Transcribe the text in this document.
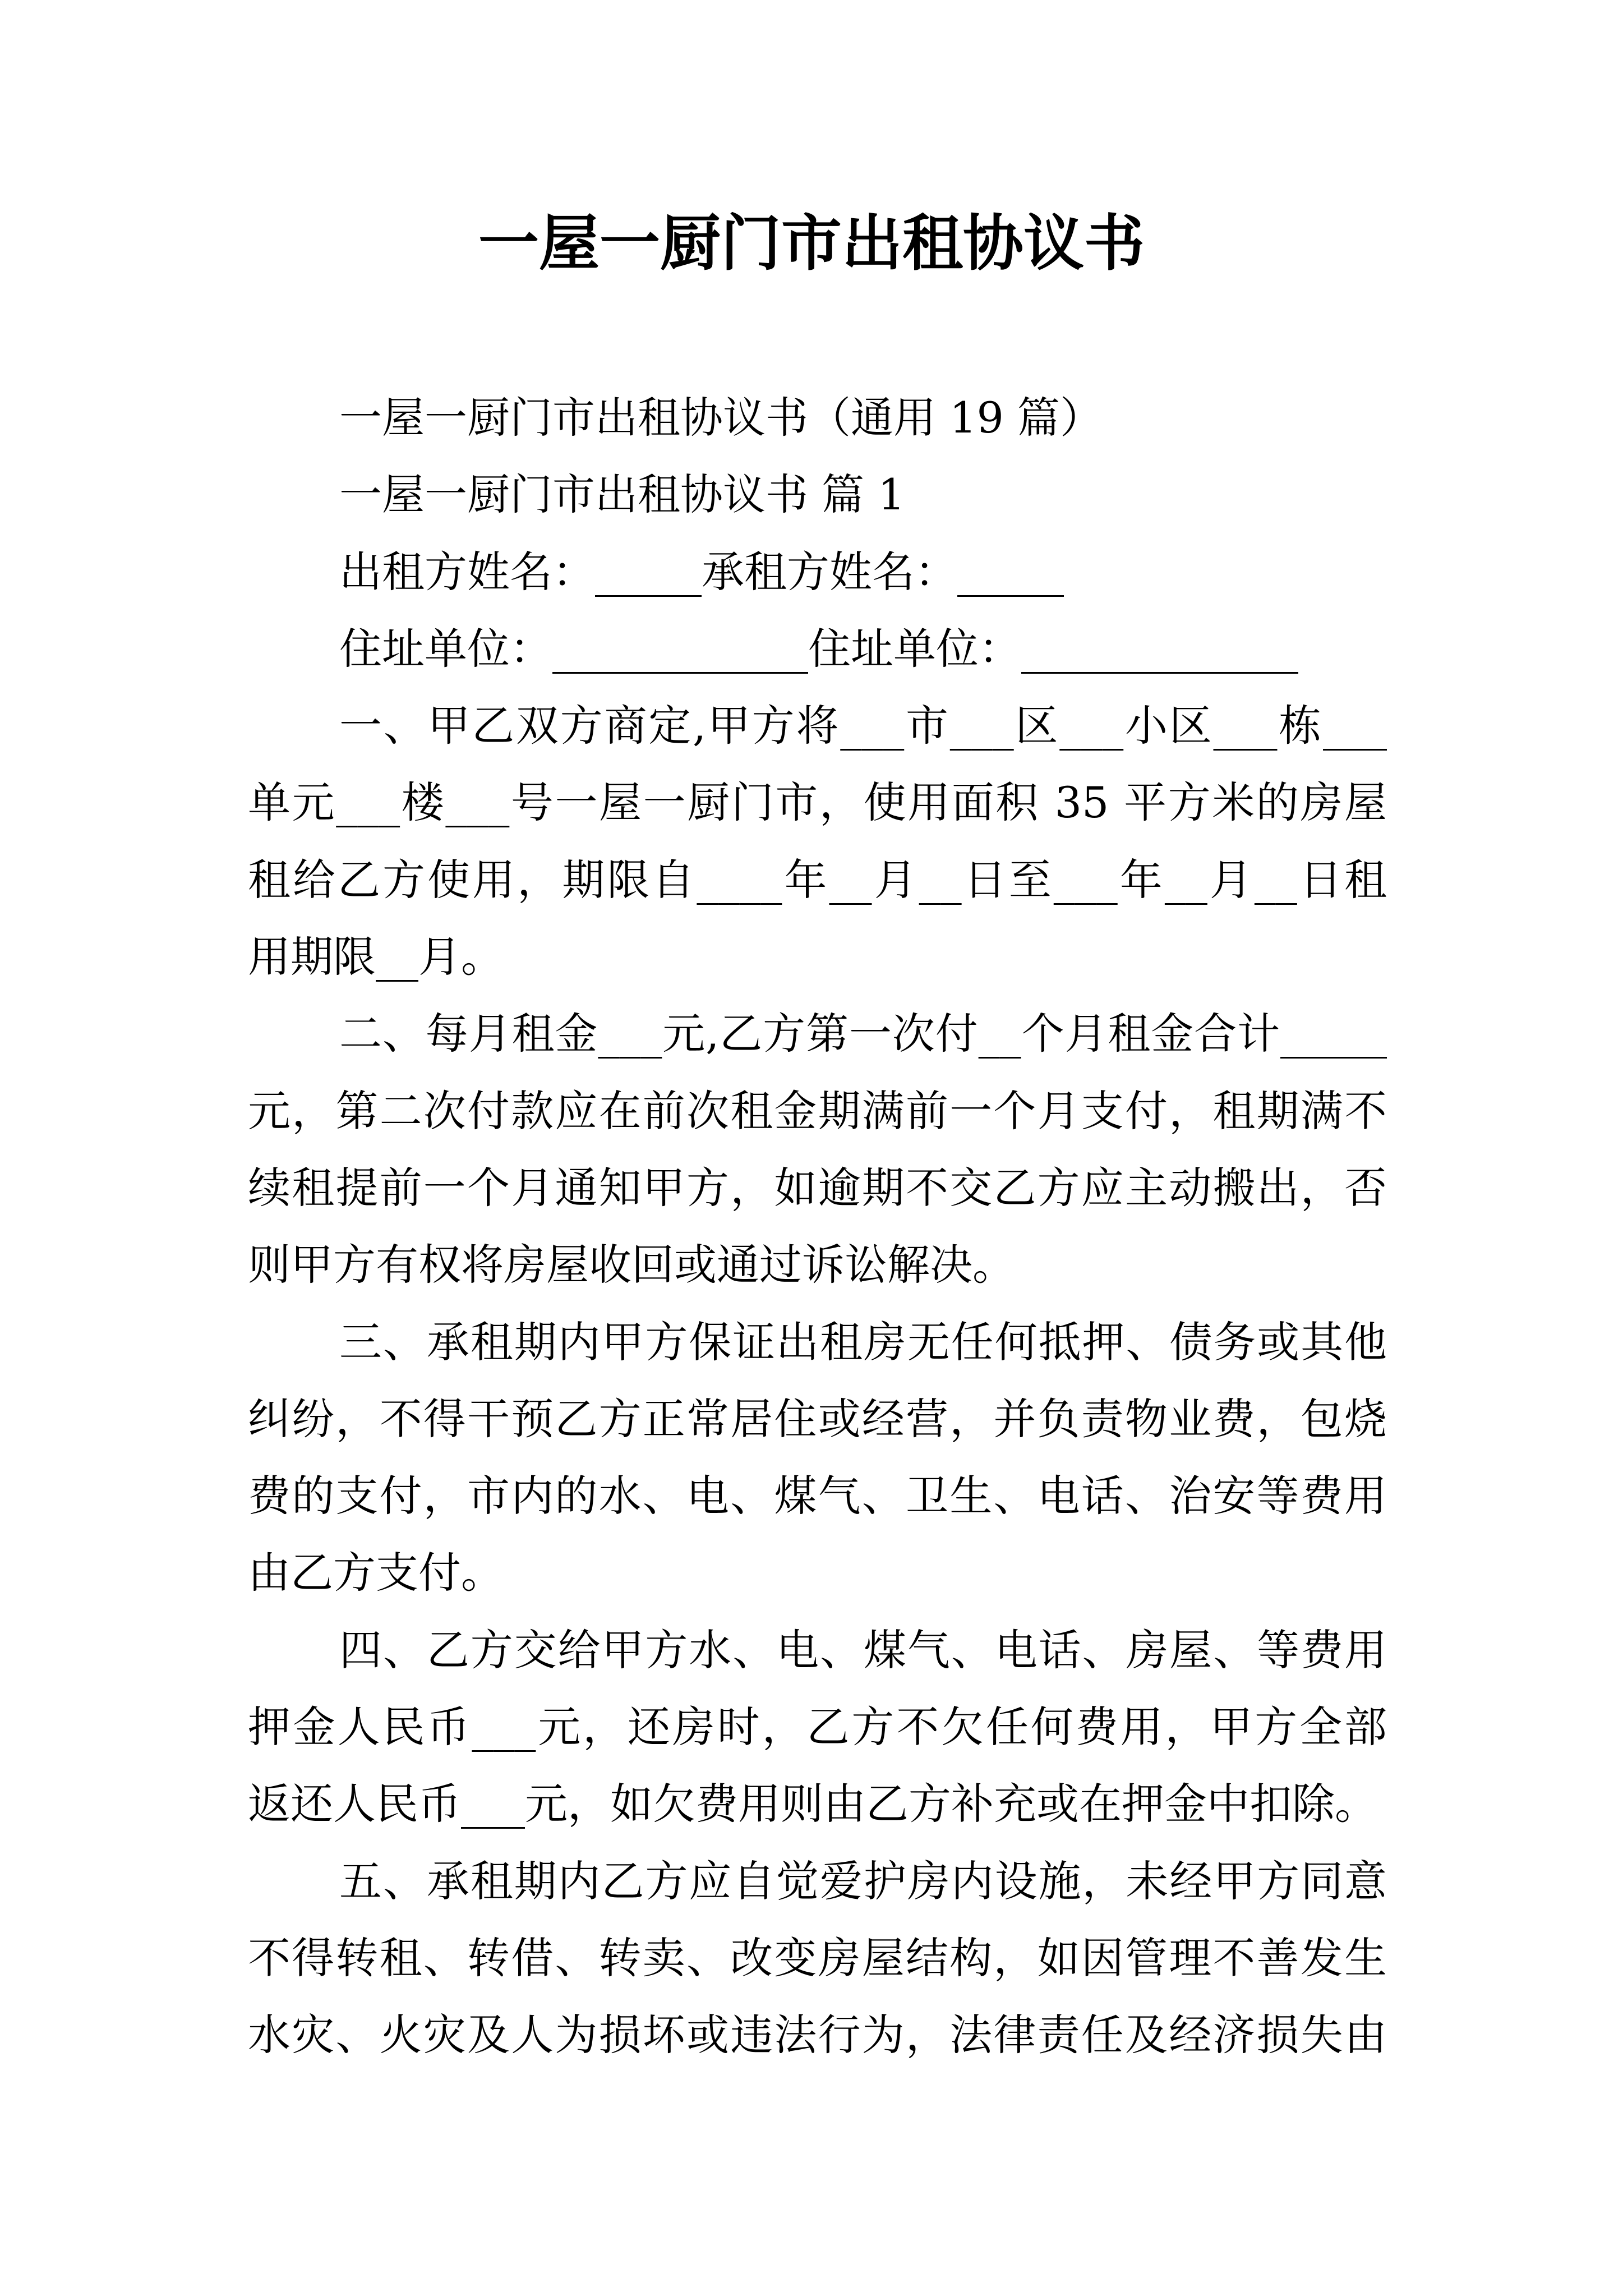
一屋一厨门市出租协议书
一屋一厨门市出租协议书（通用 19 篇）
一屋一厨门市出租协议书 篇 1
出租方姓名：_____承租方姓名：_____
住址单位：____________住址单位：_____________
一、甲乙双方商定,甲方将___市___区___小区___栋___
单元___楼___号一屋一厨门市，使用面积 35 平方米的房屋
租给乙方使用，期限自____年__月__日至___年__月__日租
用期限__月。
二、每月租金___元,乙方第一次付__个月租金合计_____
元，第二次付款应在前次租金期满前一个月支付，租期满不
续租提前一个月通知甲方，如逾期不交乙方应主动搬出，否
则甲方有权将房屋收回或通过诉讼解决。
三、承租期内甲方保证出租房无任何抵押、债务或其他
纠纷，不得干预乙方正常居住或经营，并负责物业费，包烧
费的支付，市内的水、电、煤气、卫生、电话、治安等费用
由乙方支付。
四、乙方交给甲方水、电、煤气、电话、房屋、等费用
押金人民币___元，还房时，乙方不欠任何费用，甲方全部
返还人民币___元，如欠费用则由乙方补充或在押金中扣除。
五、承租期内乙方应自觉爱护房内设施，未经甲方同意
不得转租、转借、转卖、改变房屋结构，如因管理不善发生
水灾、火灾及人为损坏或违法行为，法律责任及经济损失由
